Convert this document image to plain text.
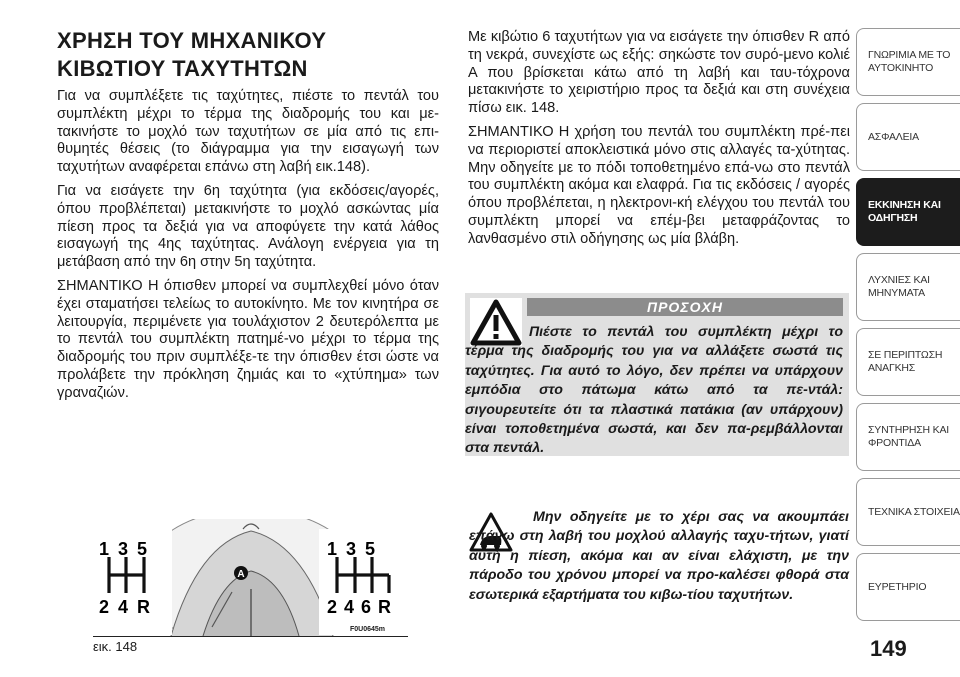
ΧΡΗΣΗ ΤΟΥ ΜΗΧΑΝΙΚΟΥ ΚΙΒΩΤΙΟΥ ΤΑΧΥΤΗΤΩΝ

Για να συμπλέξετε τις ταχύτητες, πιέστε το πεντάλ του συμπλέκτη μέχρι το τέρμα της διαδρομής του και με-τακινήστε το μοχλό των ταχυτήτων σε μία από τις επι-θυμητές θέσεις (το διάγραμμα για την εισαγωγή των ταχυτήτων αναφέρεται επάνω στη λαβή εικ.148).

Για να εισάγετε την 6η ταχύτητα (για εκδόσεις/αγορές, όπου προβλέπεται) μετακινήστε το μοχλό ασκώντας μία πίεση προς τα δεξιά για να αποφύγετε την κατά λάθος εισαγωγή της 4ης ταχύτητας. Ανάλογη ενέργεια για τη μετάβαση από την 6η στην 5η ταχύτητα.

ΣΗΜΑΝΤΙΚΟ Η όπισθεν μπορεί να συμπλεχθεί μόνο όταν έχει σταματήσει τελείως το αυτοκίνητο. Με τον κινητήρα σε λειτουργία, περιμένετε για τουλάχιστον 2 δευτερόλεπτα με το πεντάλ του συμπλέκτη πατημέ-νο μέχρι το τέρμα της διαδρομής του πριν συμπλέξε-τε την όπισθεν έτσι ώστε να προλάβετε την πρόκληση ζημιάς και το «χτύπημα» των γραναζιών.

Με κιβώτιο 6 ταχυτήτων για να εισάγετε την όπισθεν R από τη νεκρά, συνεχίστε ως εξής: σηκώστε τον συρό-μενο κολιέ A που βρίσκεται κάτω από τη λαβή και ταυ-τόχρονα μετακινήστε το χειριστήριο προς τα δεξιά και στη συνέχεια πίσω εικ. 148.

ΣΗΜΑΝΤΙΚΟ Η χρήση του πεντάλ του συμπλέκτη πρέ-πει να περιοριστεί αποκλειστικά μόνο στις αλλαγές τα-χύτητας. Μην οδηγείτε με το πόδι τοποθετημένο επά-νω στο πεντάλ του συμπλέκτη ακόμα και ελαφρά. Για τις εκδόσεις / αγορές όπου προβλέπεται, η ηλεκτρονι-κή ελέγχου του πεντάλ του συμπλέκτη μπορεί να επέμ-βει μεταφράζοντας το λανθασμένο στιλ οδήγησης ως μία βλάβη.

1 3 5
2 4 R
1 3 5
2 4 6 R
A
εικ. 148
F0U0645m
ΠΡΟΣΟΧΗ
Πιέστε το πεντάλ του συμπλέκτη μέχρι το τέρμα της διαδρομής του για να αλλάξετε σωστά τις ταχύτητες. Για αυτό το λόγο, δεν πρέπει να υπάρχουν εμπόδια στο πάτωμα κάτω από τα πε-ντάλ: σιγουρευτείτε ότι τα πλαστικά πατάκια (αν υπάρχουν) είναι τοποθετημένα σωστά, και δεν πα-ρεμβάλλονται στα πεντάλ.
Μην οδηγείτε με το χέρι σας να ακουμπάει επάνω στη λαβή του μοχλού αλλαγής ταχυ-τήτων, γιατί αυτή η πίεση, ακόμα και αν είναι ελάχιστη, με την πάροδο του χρόνου μπορεί να προ-καλέσει φθορά στα εσωτερικά εξαρτήματα του κιβω-τίου ταχυτήτων.
ΓΝΩΡΙΜΙΑ ΜΕ ΤΟ ΑΥΤΟΚΙΝΗΤΟ
ΑΣΦΑΛΕΙΑ
ΕΚΚΙΝΗΣΗ ΚΑΙ ΟΔΗΓΗΣΗ
ΛΥΧΝΙΕΣ ΚΑΙ ΜΗΝΥΜΑΤΑ
ΣΕ ΠΕΡΙΠΤΩΣΗ ΑΝΑΓΚΗΣ
ΣΥΝΤΗΡΗΣΗ ΚΑΙ ΦΡΟΝΤΙΔΑ
ΤΕΧΝΙΚΑ ΣΤΟΙΧΕΙΑ
ΕΥΡΕΤΗΡΙΟ
149
